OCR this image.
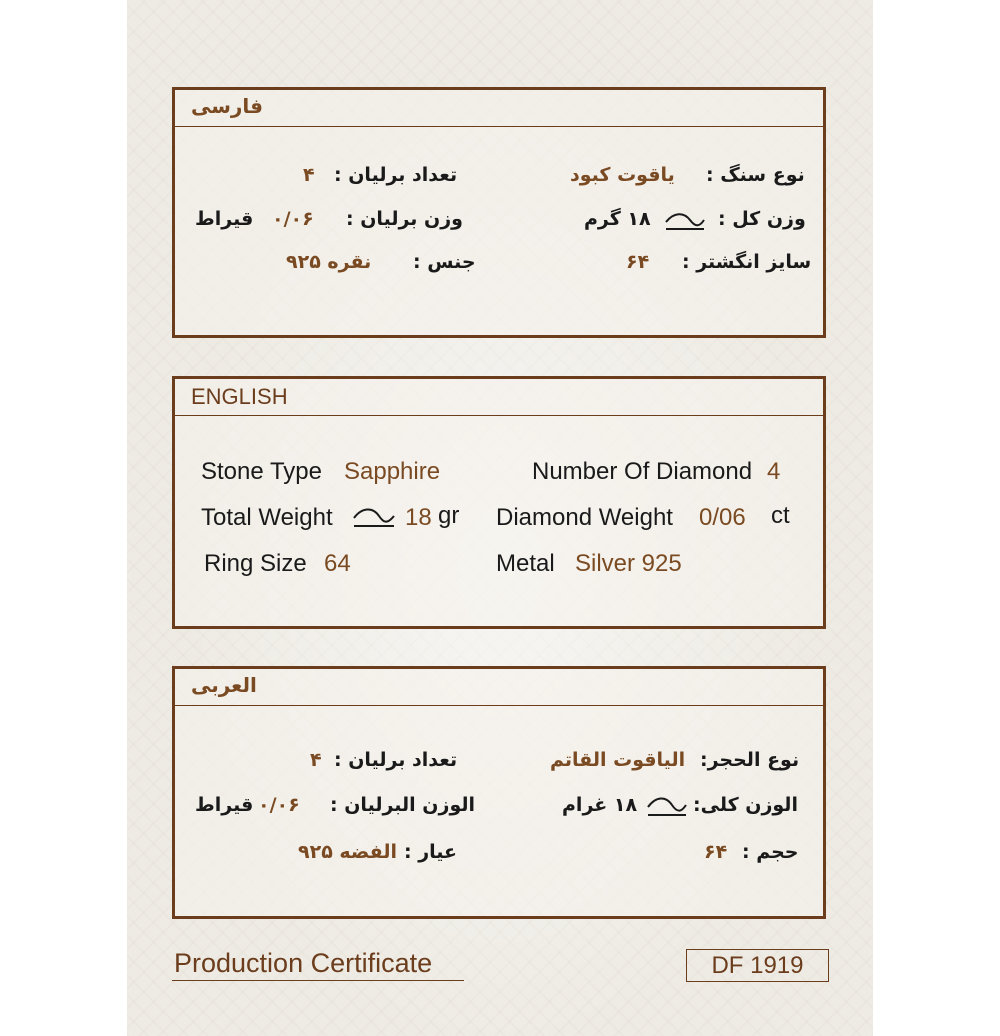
فارسی
نوع سنگ :
یاقوت کبود
وزن کل :
۱۸ گرم
سایز انگشتر :
۶۴
تعداد برلیان :
۴
وزن برلیان :
۰/۰۶
قیراط
جنس :
نقره ۹۲۵
ENGLISH
Stone Type Sapphire
Total Weight	18 gr
Ring Size 64
Number Of Diamond 4
Diamond Weight 0/06 ct
Metal Silver 925
العربی
نوع الحجر:
الیاقوت القاتم
الوزن کلی:
۱۸ غرام
حجم :
۶۴
تعداد برلیان :
۴
الوزن البرلیان :
۰/۰۶
قیراط
عیار :
الفضه ۹۲۵
Production Certificate	DF 1919
